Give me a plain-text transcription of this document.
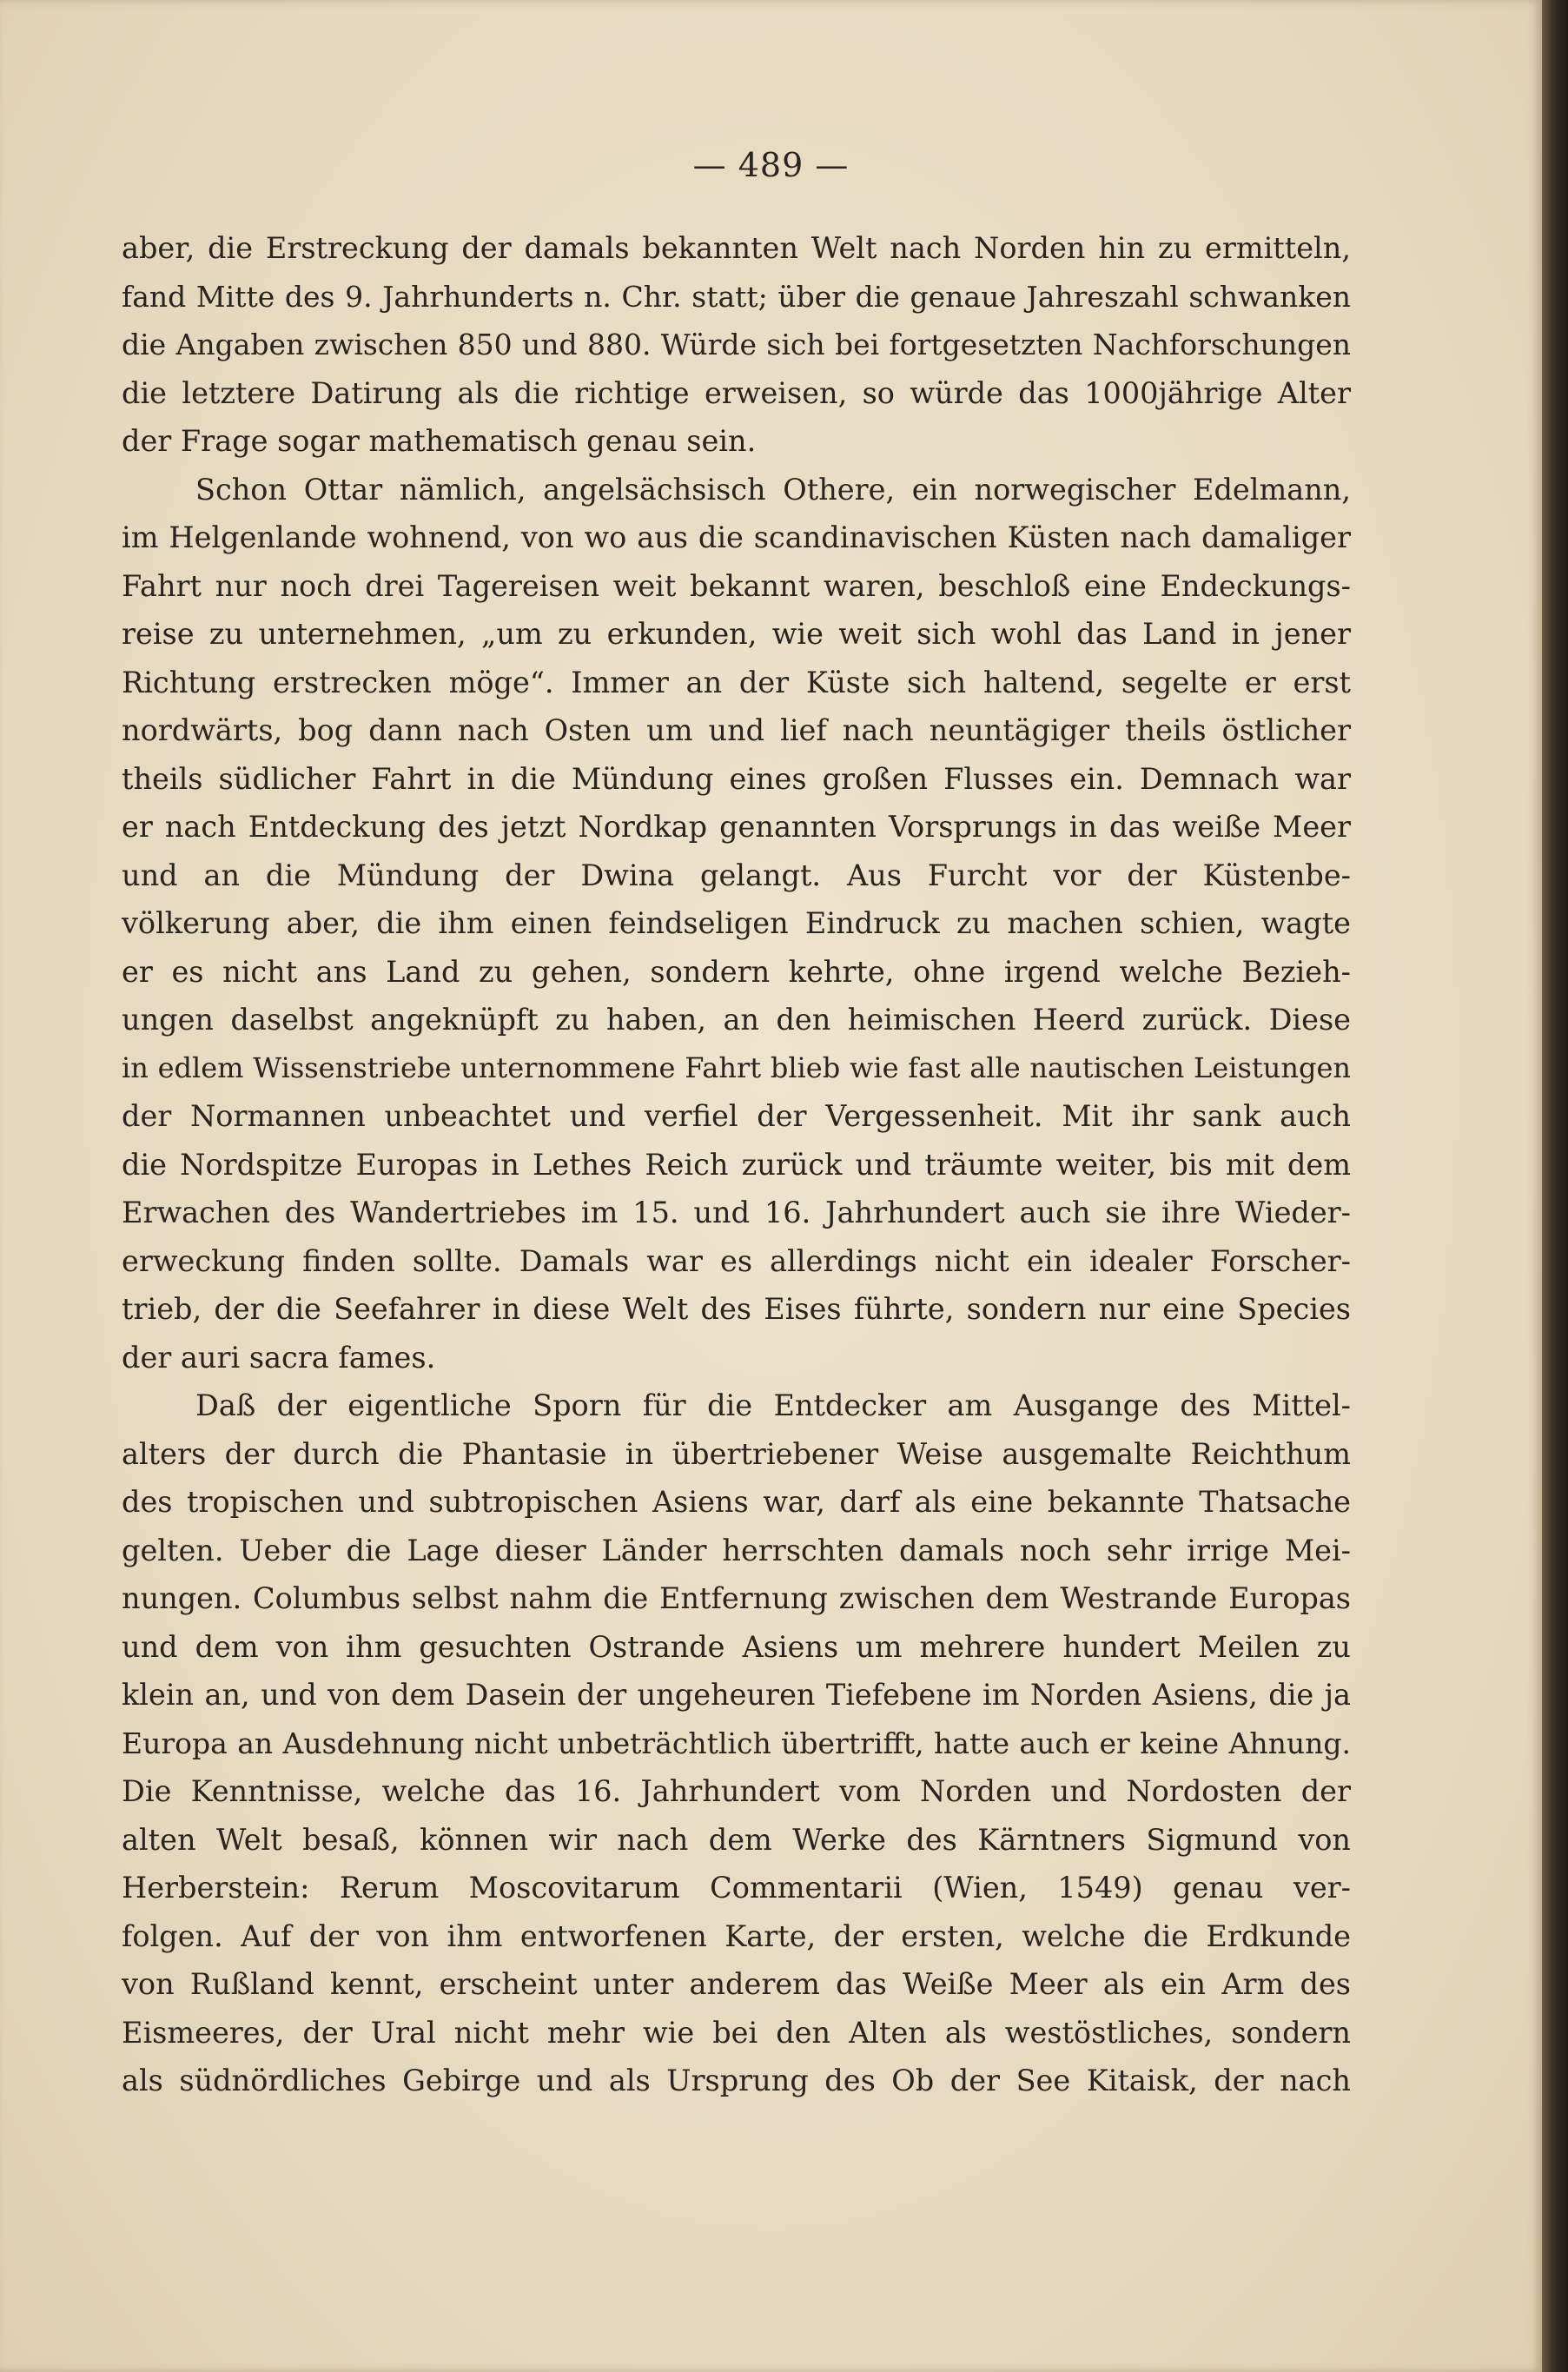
— 489 —
aber, die Erstreckung der damals bekannten Welt nach Norden hin zu ermitteln,
fand Mitte des 9. Jahrhunderts n. Chr. statt; über die genaue Jahreszahl schwanken
die Angaben zwischen 850 und 880. Würde sich bei fortgesetzten Nachforschungen
die letztere Datirung als die richtige erweisen, so würde das 1000jährige Alter
der Frage sogar mathematisch genau sein.
Schon Ottar nämlich, angelsächsisch Othere, ein norwegischer Edelmann,
im Helgenlande wohnend, von wo aus die scandinavischen Küsten nach damaliger
Fahrt nur noch drei Tagereisen weit bekannt waren, beschloß eine Endeckungs-
reise zu unternehmen, „um zu erkunden, wie weit sich wohl das Land in jener
Richtung erstrecken möge“. Immer an der Küste sich haltend, segelte er erst
nordwärts, bog dann nach Osten um und lief nach neuntägiger theils östlicher
theils südlicher Fahrt in die Mündung eines großen Flusses ein. Demnach war
er nach Entdeckung des jetzt Nordkap genannten Vorsprungs in das weiße Meer
und an die Mündung der Dwina gelangt. Aus Furcht vor der Küstenbe-
völkerung aber, die ihm einen feindseligen Eindruck zu machen schien, wagte
er es nicht ans Land zu gehen, sondern kehrte, ohne irgend welche Bezieh-
ungen daselbst angeknüpft zu haben, an den heimischen Heerd zurück. Diese
in edlem Wissenstriebe unternommene Fahrt blieb wie fast alle nautischen Leistungen
der Normannen unbeachtet und verfiel der Vergessenheit. Mit ihr sank auch
die Nordspitze Europas in Lethes Reich zurück und träumte weiter, bis mit dem
Erwachen des Wandertriebes im 15. und 16. Jahrhundert auch sie ihre Wieder-
erweckung finden sollte. Damals war es allerdings nicht ein idealer Forscher-
trieb, der die Seefahrer in diese Welt des Eises führte, sondern nur eine Species
der auri sacra fames.
Daß der eigentliche Sporn für die Entdecker am Ausgange des Mittel-
alters der durch die Phantasie in übertriebener Weise ausgemalte Reichthum
des tropischen und subtropischen Asiens war, darf als eine bekannte Thatsache
gelten. Ueber die Lage dieser Länder herrschten damals noch sehr irrige Mei-
nungen. Columbus selbst nahm die Entfernung zwischen dem Westrande Europas
und dem von ihm gesuchten Ostrande Asiens um mehrere hundert Meilen zu
klein an, und von dem Dasein der ungeheuren Tiefebene im Norden Asiens, die ja
Europa an Ausdehnung nicht unbeträchtlich übertrifft, hatte auch er keine Ahnung.
Die Kenntnisse, welche das 16. Jahrhundert vom Norden und Nordosten der
alten Welt besaß, können wir nach dem Werke des Kärntners Sigmund von
Herberstein: Rerum Moscovitarum Commentarii (Wien, 1549) genau ver-
folgen. Auf der von ihm entworfenen Karte, der ersten, welche die Erdkunde
von Rußland kennt, erscheint unter anderem das Weiße Meer als ein Arm des
Eismeeres, der Ural nicht mehr wie bei den Alten als westöstliches, sondern
als südnördliches Gebirge und als Ursprung des Ob der See Kitaisk, der nach
